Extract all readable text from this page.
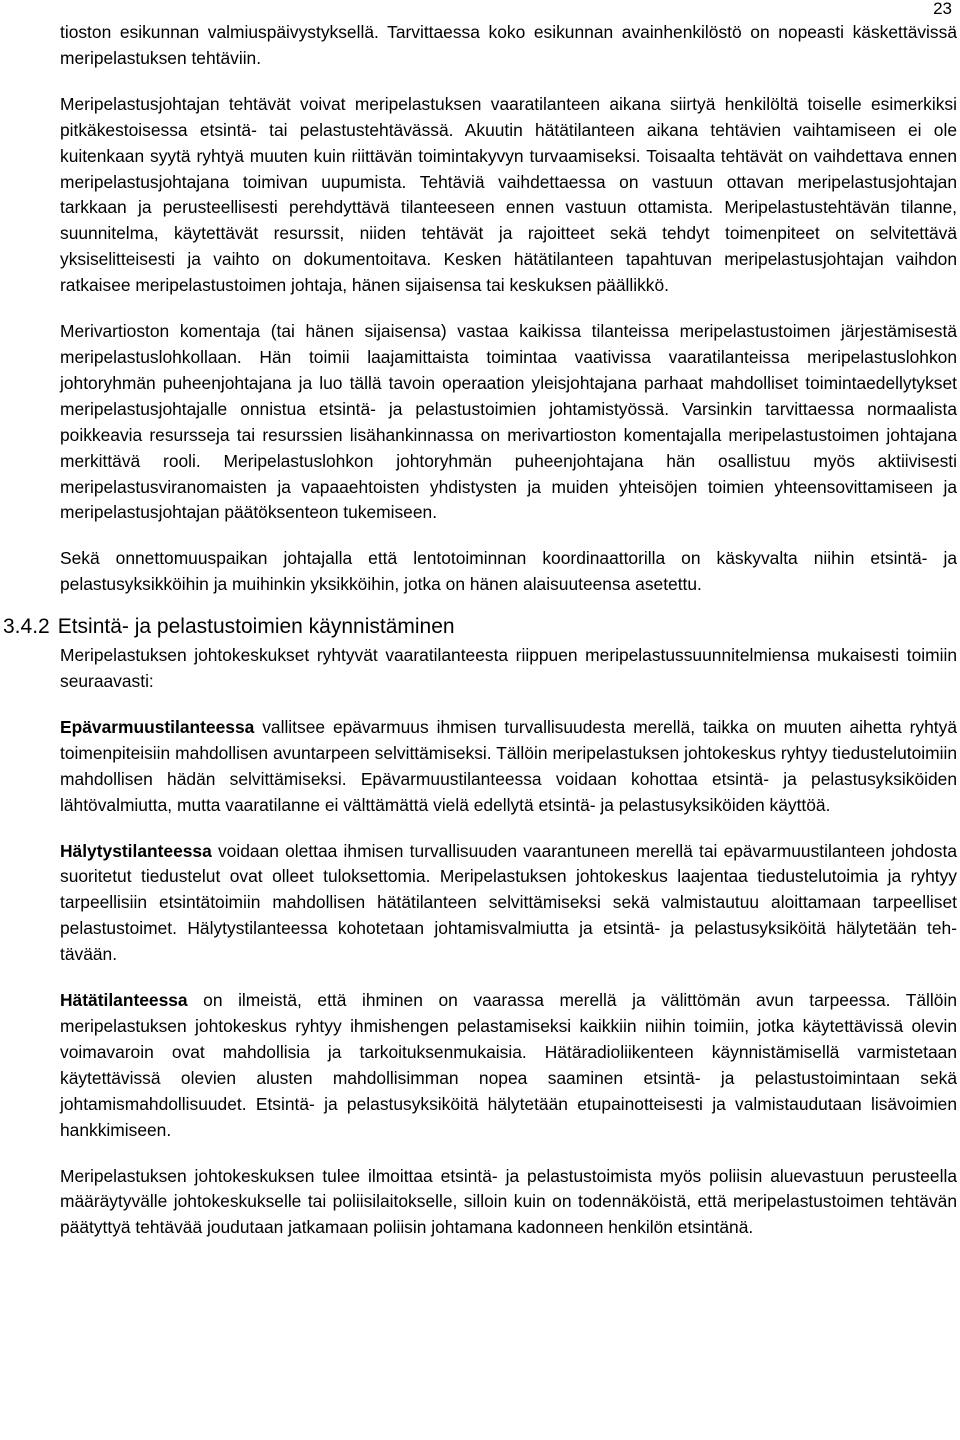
23

tioston esikunnan valmiuspäivystyksellä. Tarvittaessa koko esikunnan avainhenkilöstö on nopeasti käskettävissä meripelastuksen tehtäviin.

Meripelastusjohtajan tehtävät voivat meripelastuksen vaaratilanteen aikana siirtyä henkilöltä toiselle esimerkiksi pitkäkestoisessa etsintä- tai pelastustehtävässä. Akuutin hätätilanteen aikana tehtävien vaihtamiseen ei ole kuitenkaan syytä ryhtyä muuten kuin riittävän toimintakyvyn turvaamiseksi. Toisaalta tehtävät on vaihdettava ennen meripelastusjohtajana toimivan uupumista. Tehtäviä vaihdettaessa on vastuun ottavan meripelastusjohtajan tarkkaan ja perusteellisesti perehdyttävä tilanteeseen ennen vastuun ottamista. Meripelastustehtävän tilanne, suunnitelma, käytettävät resurssit, niiden tehtävät ja rajoitteet sekä tehdyt toimenpiteet on selvitettävä yksiselitteisesti ja vaihto on dokumentoitava. Kesken hätätilanteen tapahtuvan meripelastusjohtajan vaihdon ratkaisee meripelastustoimen johtaja, hänen sijaisensa tai keskuksen päällikkö.

Merivartioston komentaja (tai hänen sijaisensa) vastaa kaikissa tilanteissa meripelastustoimen järjestämisestä meripelastuslohkollaan. Hän toimii laajamittaista toimintaa vaativissa vaaratilanteissa meripelastuslohkon johtoryhmän puheenjohtajana ja luo tällä tavoin operaation yleisjohtajana parhaat mahdolliset toimintaedellytykset meripelastusjohtajalle onnistua etsintä- ja pelastustoimien johtamistyössä. Varsinkin tarvittaessa normaalista poikkeavia resursseja tai resurssien lisähankinnassa on merivartioston komentajalla meripelastustoimen johtajana merkittävä rooli. Meripelastuslohkon johtoryhmän puheenjohtajana hän osallistuu myös aktiivisesti meripelastusviranomaisten ja vapaaehtoisten yhdistysten ja muiden yhteisöjen toimien yhteensovittamiseen ja meripelastusjohtajan päätöksenteon tukemiseen.

Sekä onnettomuuspaikan johtajalla että lentotoiminnan koordinaattorilla on käskyvalta niihin etsintä- ja pelastusyksikköihin ja muihinkin yksikköihin, jotka on hänen alaisuuteensa asetettu.

3.4.2 Etsintä- ja pelastustoimien käynnistäminen

Meripelastuksen johtokeskukset ryhtyvät vaaratilanteesta riippuen meripelastussuunnitelmiensa mukaisesti toimiin seuraavasti:

Epävarmuustilanteessa vallitsee epävarmuus ihmisen turvallisuudesta merellä, taikka on muuten aihetta ryhtyä toimenpiteisiin mahdollisen avuntarpeen selvittämiseksi. Tällöin meripelastuksen johtokeskus ryhtyy tiedustelutoimiin mahdollisen hädän selvittämiseksi. Epävarmuustilanteessa voidaan kohottaa etsintä- ja pelastusyksiköiden lähtövalmiutta, mutta vaaratilanne ei välttämättä vielä edellytä etsintä- ja pelastusyksiköiden käyttöä.

Hälytystilanteessa voidaan olettaa ihmisen turvallisuuden vaarantuneen merellä tai epävarmuustilanteen johdosta suoritetut tiedustelut ovat olleet tuloksettomia. Meripelastuksen johtokeskus laajentaa tiedustelutoimia ja ryhtyy tarpeellisiin etsintätoimiin mahdollisen hätätilanteen selvittämiseksi sekä valmistautuu aloittamaan tarpeelliset pelastustoimet. Hälytystilanteessa kohotetaan johtamisvalmiutta ja etsintä- ja pelastusyksiköitä hälytetään tehtävään.

Hätätilanteessa on ilmeistä, että ihminen on vaarassa merellä ja välittömän avun tarpeessa. Tällöin meripelastuksen johtokeskus ryhtyy ihmishengen pelastamiseksi kaikkiin niihin toimiin, jotka käytettävissä olevin voimavaroin ovat mahdollisia ja tarkoituksenmukaisia. Hätäradioliikenteen käynnistämisellä varmistetaan käytettävissä olevien alusten mahdollisimman nopea saaminen etsintä- ja pelastustoimintaan sekä johtamismahdollisuudet. Etsintä- ja pelastusyksiköitä hälytetään etupainotteisesti ja valmistaudutaan lisävoimien hankkimiseen.

Meripelastuksen johtokeskuksen tulee ilmoittaa etsintä- ja pelastustoimista myös poliisin aluevastuun perusteella määräytyvälle johtokeskukselle tai poliisilaitokselle, silloin kuin on todennäköistä, että meripelastustoimen tehtävän päätyttyä tehtävää joudutaan jatkamaan poliisin johtamana kadonneen henkilön etsintänä.
